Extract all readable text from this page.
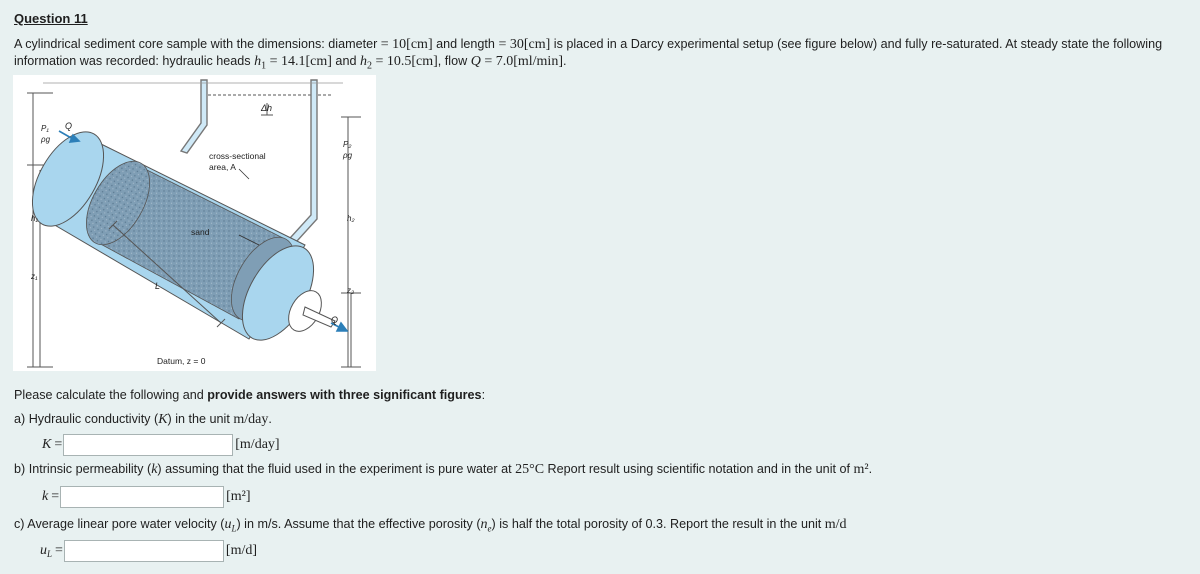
Question 11
A cylindrical sediment core sample with the dimensions: diameter = 10[cm] and length = 30[cm] is placed in a Darcy experimental setup (see figure below) and fully re-saturated. At steady state the following
information was recorded: hydraulic heads $h_1 = 14.1[cm]$ and $h_2 = 10.5[cm]$, flow Q = 7.0[ml/min].
Δh
P₁
ρg
Q
P₂
ρg
cross-sectional
area, A
sand
h₁	h₂
z₁
z₂
L
Q
Datum, z = 0
Please calculate the following and provide answers with three significant figures:
a) Hydraulic conductivity (K) in the unit m/day.
K =	[m/day]
b) Intrinsic permeability (k) assuming that the fluid used in the experiment is pure water at 25°C Report result using scientific notation and in the unit of m².
k =	[m²]
c) Average linear pore water velocity $(u_L)$ in m/s. Assume that the effective porosity $(n_e)$ is half the total porosity of 0.3. Report the result in the unit m/d
$u_L$ =	[m/d]
